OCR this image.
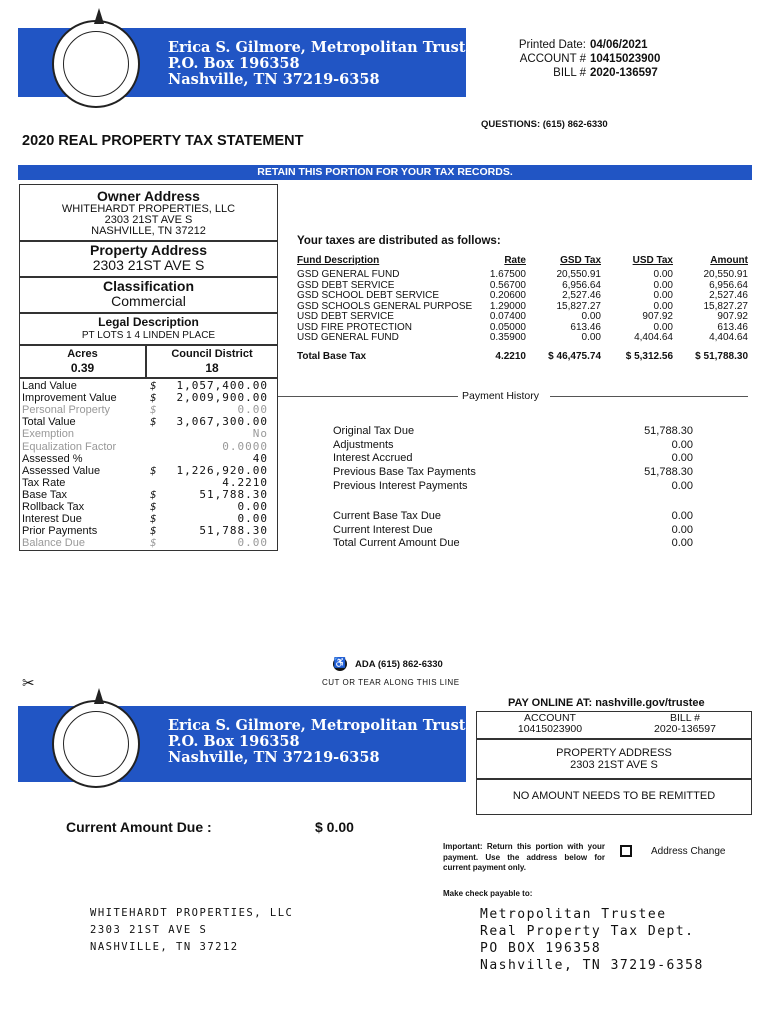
Erica S. Gilmore, Metropolitan Trustee
P.O. Box 196358
Nashville, TN 37219-6358
Printed Date: 04/06/2021
ACCOUNT # 10415023900
BILL # 2020-136597
QUESTIONS: (615) 862-6330
2020 REAL PROPERTY TAX STATEMENT
RETAIN THIS PORTION FOR YOUR TAX RECORDS.
Owner Address
WHITEHARDT PROPERTIES, LLC
2303 21ST AVE S
NASHVILLE, TN 37212
Property Address
2303 21ST AVE S
Classification
Commercial
Legal Description
PT LOTS 1 4 LINDEN PLACE
Acres
0.39
Council District
18
Land Value	$ 1,057,400.00
Improvement Value	$ 2,009,900.00
Personal Property	$	0.00
Total Value	$ 3,067,300.00
Exemption	No
Equalization Factor	0.0000
Assessed %	40
Assessed Value	$ 1,226,920.00
Tax Rate	4.2210
Base Tax	$	51,788.30
Rollback Tax	$	0.00
Interest Due	$	0.00
Prior Payments	$	51,788.30
Balance Due	$	0.00
Your taxes are distributed as follows:
Fund Description	Rate	GSD Tax	USD Tax	Amount

GSD GENERAL FUND	1.67500	20,550.91	0.00	20,550.91
GSD DEBT SERVICE	0.56700	6,956.64	0.00	6,956.64
GSD SCHOOL DEBT SERVICE	0.20600	2,527.46	0.00	2,527.46
GSD SCHOOLS GENERAL PURPOSE	1.29000	15,827.27	0.00	15,827.27
USD DEBT SERVICE	0.07400	0.00	907.92	907.92
USD FIRE PROTECTION	0.05000	613.46	0.00	613.46
USD GENERAL FUND	0.35900	0.00	4,404.64	4,404.64

Total Base Tax	4.2210	$ 46,475.74	$ 5,312.56	$ 51,788.30
Payment History
Original Tax Due	51,788.30
Adjustments	0.00
Interest Accrued	0.00
Previous Base Tax Payments	51,788.30
Previous Interest Payments	0.00
Current Base Tax Due	0.00
Current Interest Due	0.00
Total Current Amount Due	0.00
♿ ADA (615) 862-6330
CUT OR TEAR ALONG THIS LINE
✂
Erica S. Gilmore, Metropolitan Trustee
P.O. Box 196358
Nashville, TN 37219-6358
PAY ONLINE AT: nashville.gov/trustee
ACCOUNT
10415023900
BILL #
2020-136597
PROPERTY ADDRESS
2303 21ST AVE S
NO AMOUNT NEEDS TO BE REMITTED
Current Amount Due :	$ 0.00
Important: Return this portion with your payment. Use the address below for current payment only.
Address Change
Make check payable to:
WHITEHARDT PROPERTIES, LLC
2303 21ST AVE S
NASHVILLE, TN 37212
Metropolitan Trustee
Real Property Tax Dept.
PO BOX 196358
Nashville, TN 37219-6358
